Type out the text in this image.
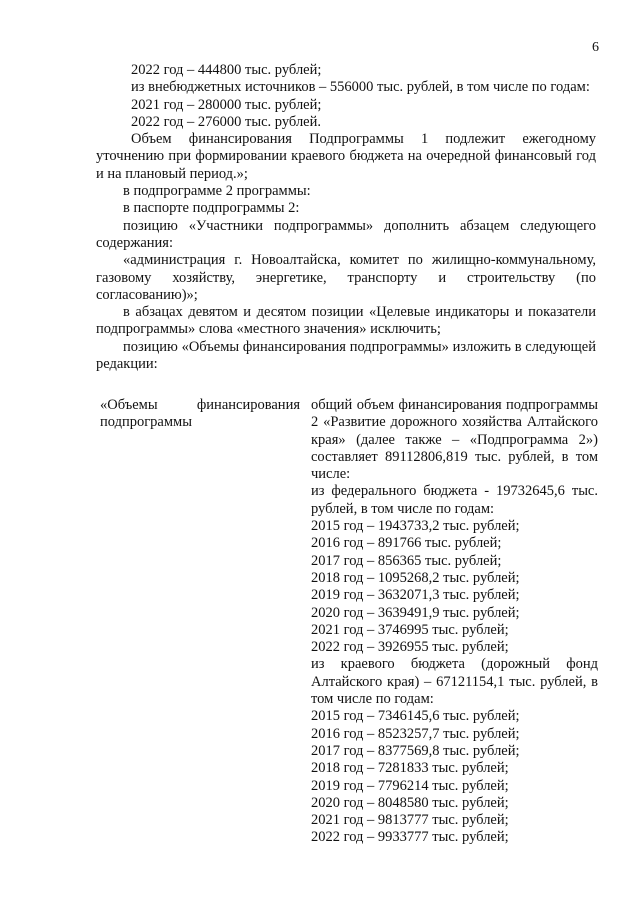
6

2022 год – 444800 тыс. рублей;

из внебюджетных источников – 556000 тыс. рублей, в том числе по годам:

2021 год – 280000 тыс. рублей;

2022 год – 276000 тыс. рублей.

Объем финансирования Подпрограммы 1 подлежит ежегодному уточнению при формировании краевого бюджета на очередной финансовый год и на плановый период.»;

в подпрограмме 2 программы:

в паспорте подпрограммы 2:

позицию «Участники подпрограммы» дополнить абзацем следующего содержания:

«администрация г. Новоалтайска, комитет по жилищно-коммунальному, газовому хозяйству, энергетике, транспорту и строительству (по согласованию)»;

в абзацах девятом и десятом позиции «Целевые индикаторы и показатели подпрограммы» слова «местного значения» исключить;

позицию «Объемы финансирования подпрограммы» изложить в следующей редакции:

«Объемы	финансирования
подпрограммы

общий объем финансирования подпрограммы 2 «Развитие дорожного хозяйства Алтайского края» (далее также – «Подпрограмма 2») составляет 89112806,819 тыс. рублей, в том числе:

из федерального бюджета - 19732645,6 тыс. рублей, в том числе по годам:

2015 год – 1943733,2 тыс. рублей;
2016 год – 891766 тыс. рублей;
2017 год – 856365 тыс. рублей;
2018 год – 1095268,2 тыс. рублей;
2019 год – 3632071,3 тыс. рублей;
2020 год – 3639491,9 тыс. рублей;
2021 год – 3746995 тыс. рублей;
2022 год – 3926955 тыс. рублей;

из краевого бюджета (дорожный фонд Алтайского края) – 67121154,1 тыс. рублей, в том числе по годам:

2015 год – 7346145,6 тыс. рублей;
2016 год – 8523257,7 тыс. рублей;
2017 год – 8377569,8 тыс. рублей;
2018 год – 7281833 тыс. рублей;
2019 год – 7796214 тыс. рублей;
2020 год – 8048580 тыс. рублей;
2021 год – 9813777 тыс. рублей;
2022 год – 9933777 тыс. рублей;
